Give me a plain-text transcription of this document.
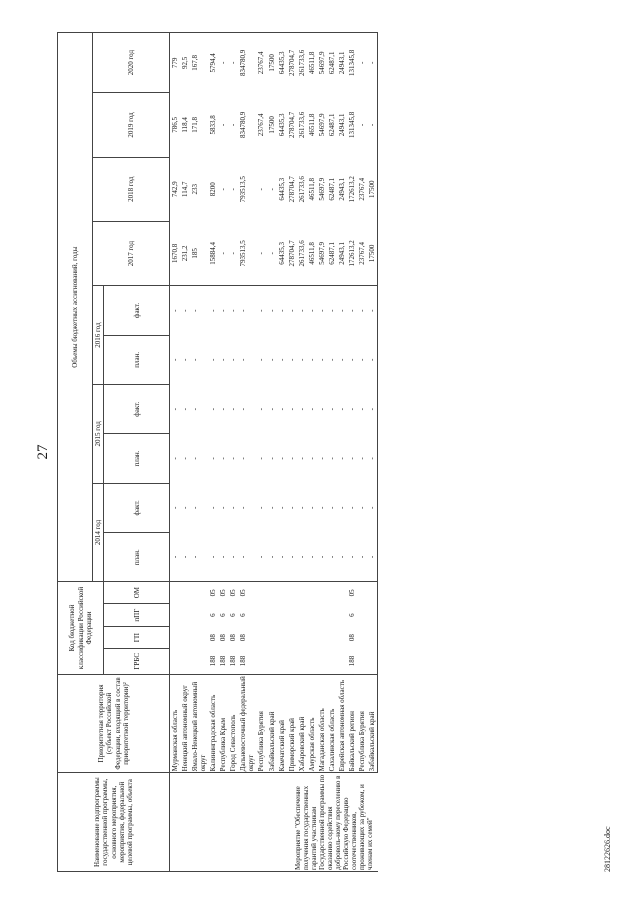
27
Наименование подпрограммы государственной программы, основного мероприятия, мероприятия, федеральной целевой программы, объекта	Приоритетная территория (субъект Российской Федерации, входящий в состав приоритетной территории)²	Код бюджетной классификации Российской Федерации				Объемы бюджетных ассигнований, годы									
						2014 год		2015 год		2016 год		2017 год	2018 год	2019 год	2020 год
		ГРБС	ГП	пПГ	ОМ	план.	факт.	план.	факт.	план.	факт.				
Мероприятие "Обеспечение получения государственных гарантий участникам Государственной программы по оказанию содействия доброволь-ному переселению в Российскую Федерацию соотечественников, проживающих за рубежом, и членам их семей"	Мурманская область					-	-	-	-	-	-	1670,8	742,9	786,5	779
	Ненецкий автономный округ					-	-	-	-	-	-	231,2	114,7	118,4	92,5
	Ямало-Ненецкий автономный округ					-	-	-	-	-	-	185	233	171,8	167,8
	Калининградская область	188	08	6	05	-	-	-	-	-	-	15884,4	8200	5833,8	5794,4
	Республика Крым	188	08	6	05	-	-	-	-	-	-	-	-	-	-
	Город Севастополь	188	08	6	05	-	-	-	-	-	-	-	-	-	-
	Дальневосточный федеральный округ	188	08	6	05	-	-	-	-	-	-	793513,5	793513,5	834780,9	834780,9
	Республика Бурятия					-	-	-	-	-	-	-	-	23767,4	23767,4
	Забайкальский край					-	-	-	-	-	-	-	-	17500	17500
	Камчатский край					-	-	-	-	-	-	64435,3	64435,3	64435,3	64435,3
	Приморский край					-	-	-	-	-	-	278704,7	278704,7	278704,7	278704,7
	Хабаровский край					-	-	-	-	-	-	261733,6	261733,6	261733,6	261733,6
	Амурская область					-	-	-	-	-	-	46511,8	46511,8	46511,8	46511,8
	Магаданская область					-	-	-	-	-	-	54697,9	54697,9	54697,9	54697,9
	Сахалинская область					-	-	-	-	-	-	62487,1	62487,1	62487,1	62487,1
	Еврейская автономная область					-	-	-	-	-	-	24943,1	24943,1	24943,1	24943,1
	Байкальский регион	188	08	6	05	-	-	-	-	-	-	172613,2	172613,2	131345,8	131345,8
	Республика Бурятия					-	-	-	-	-	-	23767,4	23767,4	-	-
	Забайкальский край					-	-	-	-	-	-	17500	17500	-	-
28122626.doc
